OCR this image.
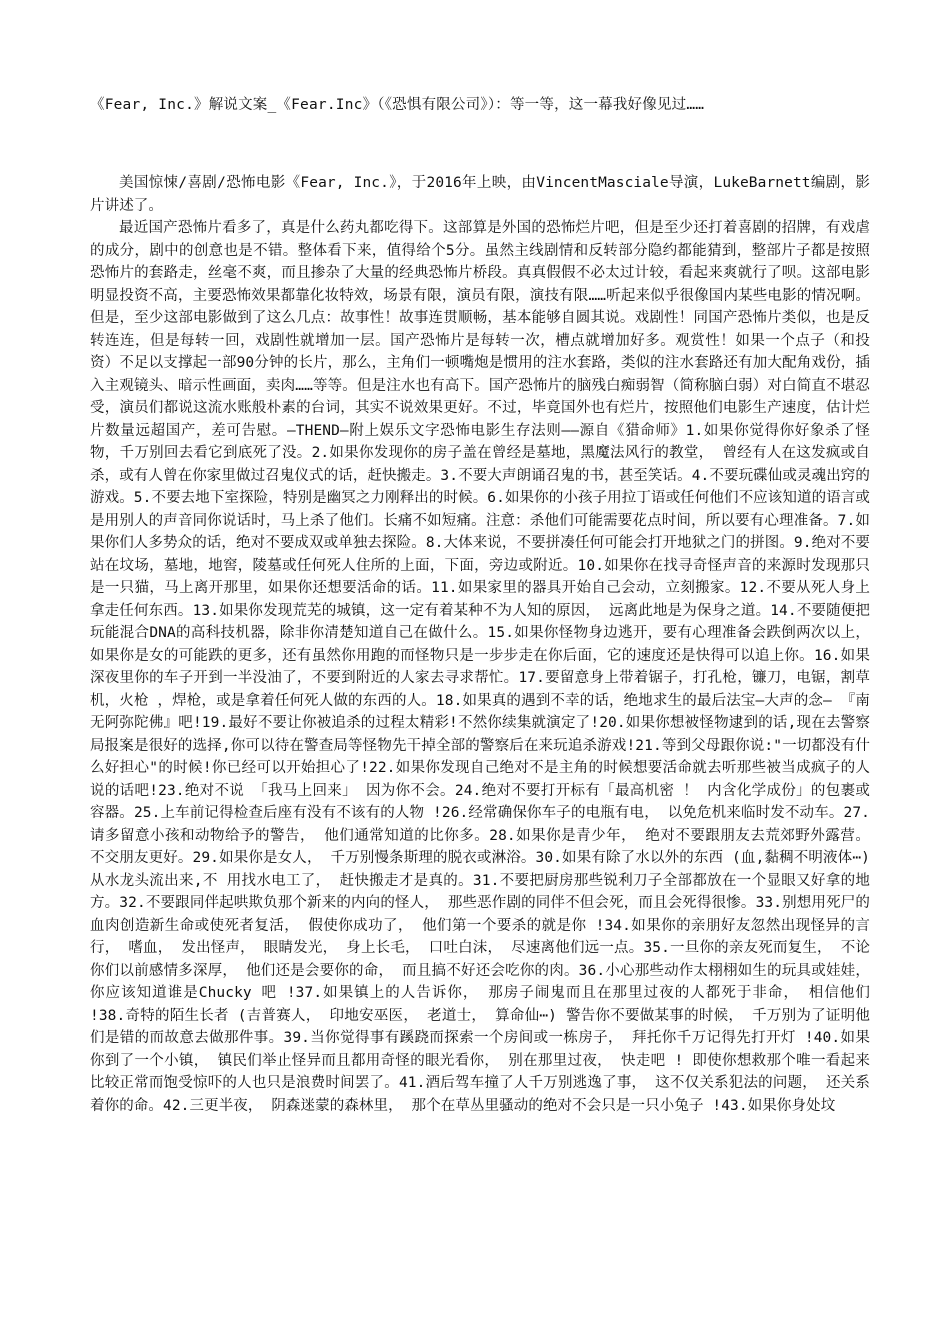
《Fear, Inc.》解说文案_《Fear.Inc》（《恐惧有限公司》）：等一等，这一幕我好像见过……

美国惊悚/喜剧/恐怖电影《Fear, Inc.》，于2016年上映，由VincentMasciale导演，LukeBarnett编剧，影片讲述了。

最近国产恐怖片看多了，真是什么药丸都吃得下。这部算是外国的恐怖烂片吧，但是至少还打着喜剧的招牌，有戏虐的成分，剧中的创意也是不错。整体看下来，值得给个5分。虽然主线剧情和反转部分隐约都能猜到，整部片子都是按照恐怖片的套路走，丝毫不爽，而且掺杂了大量的经典恐怖片桥段。真真假假不必太过计较，看起来爽就行了呗。这部电影明显投资不高，主要恐怖效果都靠化妆特效，场景有限，演员有限，演技有限……听起来似乎很像国内某些电影的情况啊。但是，至少这部电影做到了这么几点：故事性！故事连贯顺畅，基本能够自圆其说。戏剧性！同国产恐怖片类似，也是反转连连，但是每转一回，戏剧性就增加一层。国产恐怖片是每转一次，槽点就增加好多。观赏性！如果一个点子（和投资）不足以支撑起一部90分钟的长片，那么，主角们一顿嘴炮是惯用的注水套路，类似的注水套路还有加大配角戏份，插入主观镜头、暗示性画面，卖肉……等等。但是注水也有高下。国产恐怖片的脑残白痴弱智（简称脑白弱）对白简直不堪忍受，演员们都说这流水账般朴素的台词，其实不说效果更好。不过，毕竟国外也有烂片，按照他们电影生产速度，估计烂片数量远超国产，差可告慰。—THEND—附上娱乐文字恐怖电影生存法则——源自《猎命师》1.如果你觉得你好象杀了怪物，千万别回去看它到底死了没。2.如果你发现你的房子盖在曾经是墓地，黑魔法风行的教堂， 曾经有人在这发疯或自杀，或有人曾在你家里做过召鬼仪式的话，赶快搬走。3.不要大声朗诵召鬼的书，甚至笑话。4.不要玩碟仙或灵魂出窍的游戏。5.不要去地下室探险，特别是幽冥之力刚释出的时候。6.如果你的小孩子用拉丁语或任何他们不应该知道的语言或是用别人的声音同你说话时，马上杀了他们。长痛不如短痛。注意：杀他们可能需要花点时间，所以要有心理准备。7.如果你们人多势众的话，绝对不要成双或单独去探险。8.大体来说，不要拼凑任何可能会打开地狱之门的拼图。9.绝对不要站在坟场，墓地，地窖，陵墓或任何死人住所的上面，下面，旁边或附近。10.如果你在找寻奇怪声音的来源时发现那只是一只猫，马上离开那里，如果你还想要活命的话。11.如果家里的器具开始自己会动，立刻搬家。12.不要从死人身上拿走任何东西。13.如果你发现荒芜的城镇，这一定有着某种不为人知的原因， 远离此地是为保身之道。14.不要随便把玩能混合DNA的高科技机器，除非你清楚知道自己在做什么。15.如果你怪物身边逃开，要有心理准备会跌倒两次以上，如果你是女的可能跌的更多，还有虽然你用跑的而怪物只是一步步走在你后面，它的速度还是快得可以追上你。16.如果深夜里你的车子开到一半没油了，不要到附近的人家去寻求帮忙。17.要留意身上带着锯子，打孔枪，镰刀，电锯，割草机，火枪 ，焊枪，或是拿着任何死人做的东西的人。18.如果真的遇到不幸的话，绝地求生的最后法宝—大声的念— 『南无阿弥陀佛』吧!19.最好不要让你被追杀的过程太精彩!不然你续集就演定了!20.如果你想被怪物逮到的话,现在去警察局报案是很好的选择,你可以待在警查局等怪物先干掉全部的警察后在来玩追杀游戏!21.等到父母跟你说:"一切都没有什么好担心"的时候!你已经可以开始担心了!22.如果你发现自己绝对不是主角的时候想要活命就去听那些被当成疯子的人说的话吧!23.绝对不说 「我马上回来」 因为你不会。24.绝对不要打开标有「最高机密 ！ 内含化学成份」的包裹或容器。25.上车前记得检查后座有没有不该有的人物 !26.经常确保你车子的电瓶有电， 以免危机来临时发不动车。27.请多留意小孩和动物给予的警告， 他们通常知道的比你多。28.如果你是青少年， 绝对不要跟朋友去荒郊野外露营。 不交朋友更好。29.如果你是女人， 千万别慢条斯理的脱衣或淋浴。30.如果有除了水以外的东西 (血,黏稠不明液体⋯) 从水龙头流出来,不 用找水电工了， 赶快搬走才是真的。31.不要把厨房那些锐利刀子全部都放在一个显眼又好拿的地方。32.不要跟同伴起哄欺负那个新来的内向的怪人， 那些恶作剧的同伴不但会死，而且会死得很惨。33.别想用死尸的血肉创造新生命或使死者复活， 假使你成功了， 他们第一个要杀的就是你 !34.如果你的亲朋好友忽然出现怪异的言行， 嗜血， 发出怪声， 眼睛发光， 身上长毛， 口吐白沫， 尽速离他们远一点。35.一旦你的亲友死而复生， 不论你们以前感情多深厚， 他们还是会要你的命， 而且搞不好还会吃你的肉。36.小心那些动作太栩栩如生的玩具或娃娃， 你应该知道谁是Chucky 吧 !37.如果镇上的人告诉你， 那房子闹鬼而且在那里过夜的人都死于非命， 相信他们 !38.奇特的陌生长者 (吉普赛人， 印地安巫医， 老道士， 算命仙⋯) 警告你不要做某事的时候， 千万别为了证明他们是错的而故意去做那件事。39.当你觉得事有蹊跷而探索一个房间或一栋房子， 拜托你千万记得先打开灯 !40.如果你到了一个小镇， 镇民们举止怪异而且都用奇怪的眼光看你， 别在那里过夜， 快走吧 ! 即使你想救那个唯一看起来比较正常而饱受惊吓的人也只是浪费时间罢了。41.酒后驾车撞了人千万别逃逸了事， 这不仅关系犯法的问题， 还关系着你的命。42.三更半夜， 阴森迷蒙的森林里， 那个在草丛里骚动的绝对不会只是一只小兔子 !43.如果你身处坟
